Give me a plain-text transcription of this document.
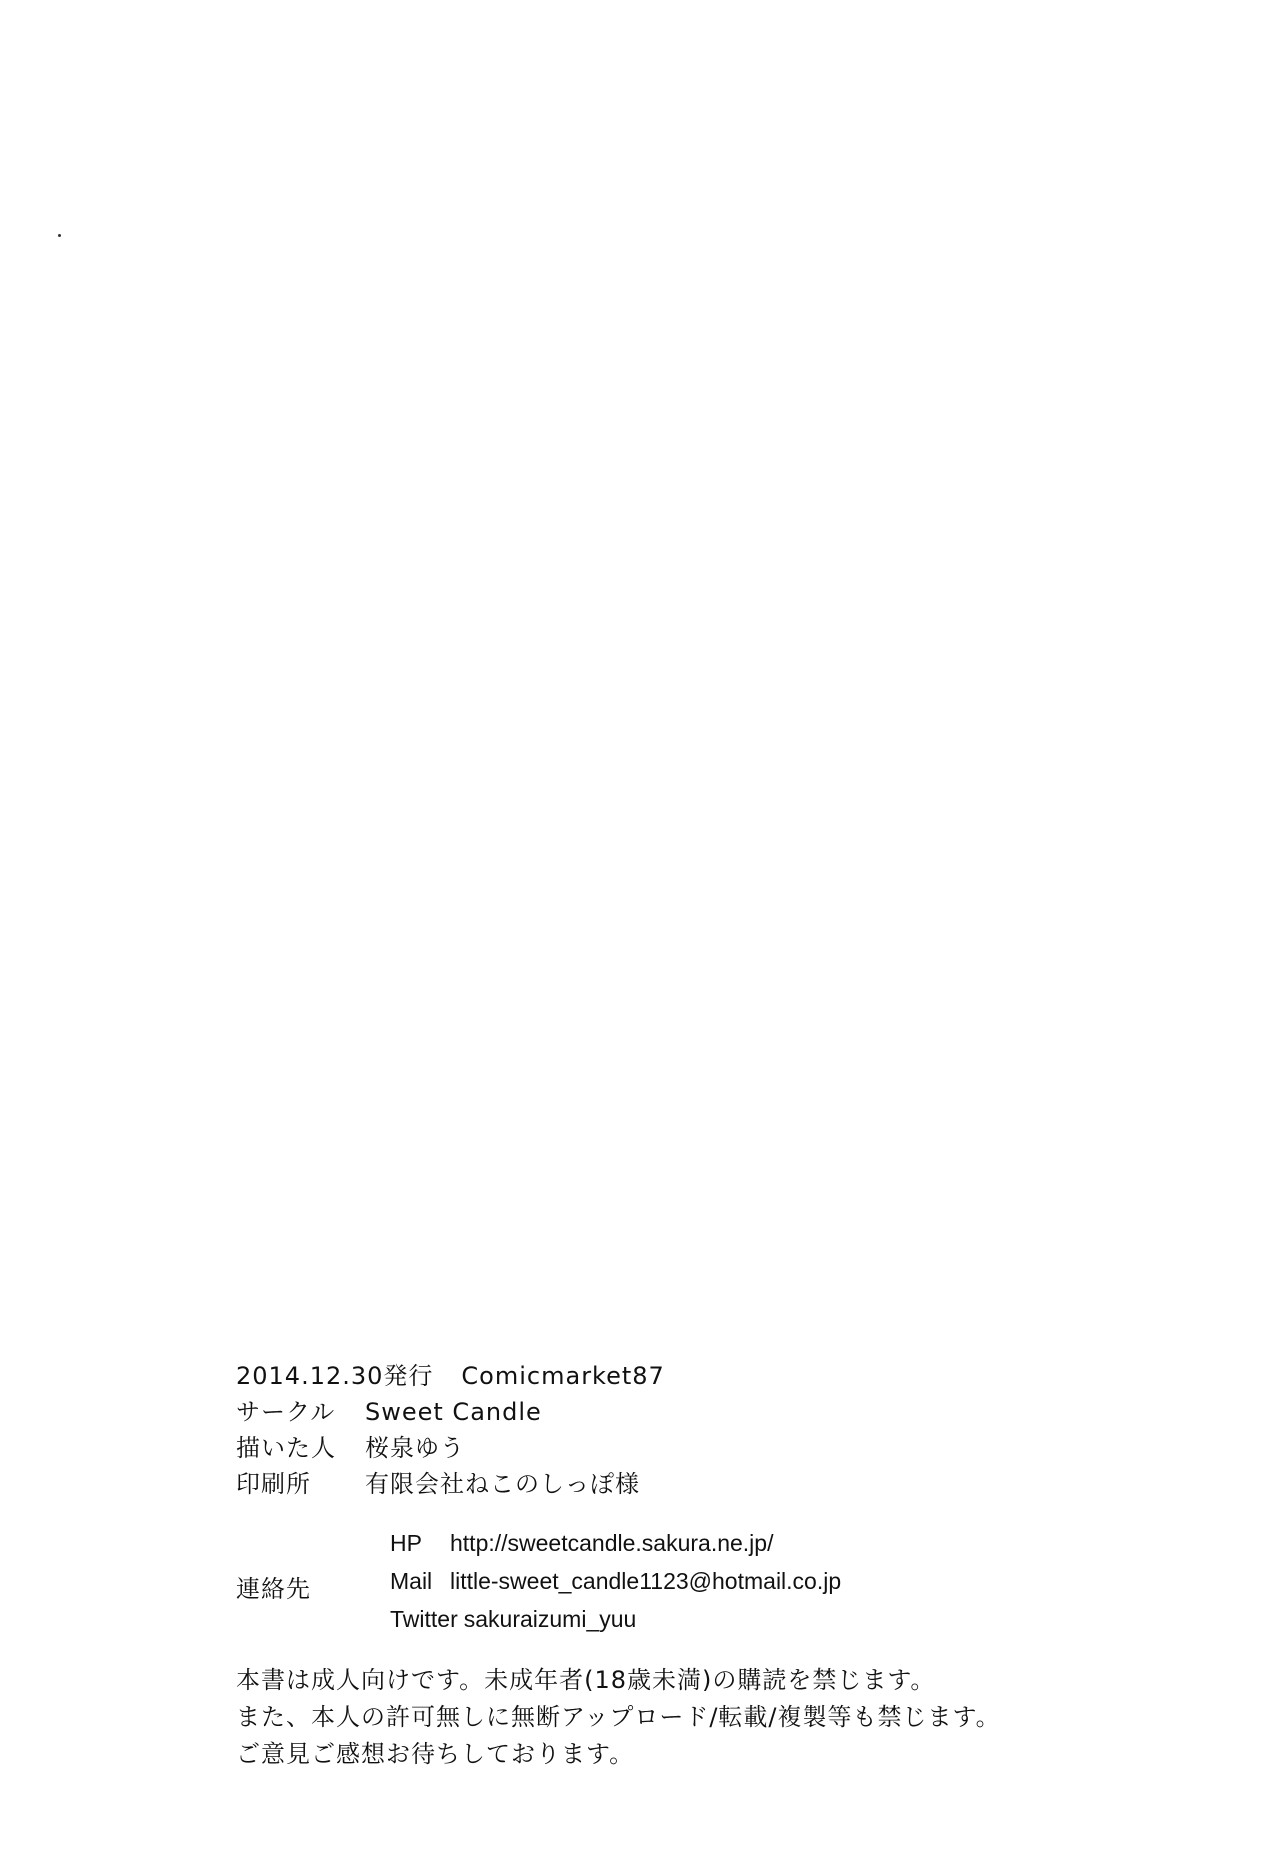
2014.12.30発行 Comicmarket87
サークル	Sweet Candle
描いた人	桜泉ゆう
印刷所	有限会社ねこのしっぽ様
連絡先
HP	http://sweetcandle.sakura.ne.jp/
Mail little-sweet_candle1123@hotmail.co.jp
Twitter sakuraizumi_yuu
本書は成人向けです。未成年者(18歳未満)の購読を禁じます。
また、本人の許可無しに無断アップロード/転載/複製等も禁じます。
ご意見ご感想お待ちしております。
